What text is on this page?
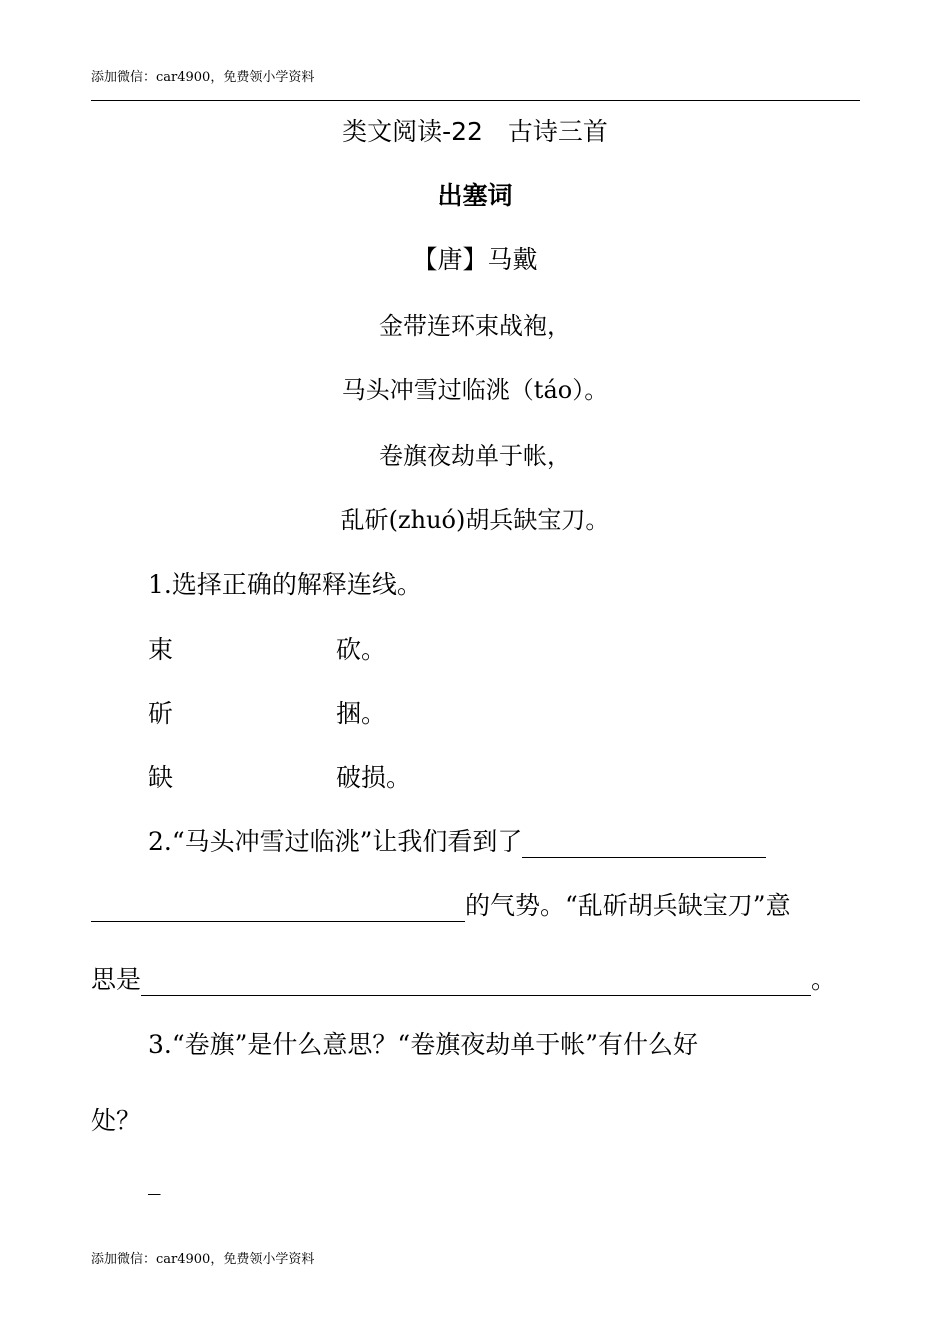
添加微信：car4900，免费领小学资料
类文阅读-22　古诗三首
出塞词
【唐】马戴
金带连环束战袍，
马头冲雪过临洮（táo）。
卷旗夜劫单于帐，
乱斫(zhuó)胡兵缺宝刀。
1.选择正确的解释连线。
束	砍。
斫	捆。
缺	破损。
2.“马头冲雪过临洮”让我们看到了
的气势。“乱斫胡兵缺宝刀”意
思是	。
3.“卷旗”是什么意思？“卷旗夜劫单于帐”有什么好
处？
_
添加微信：car4900，免费领小学资料
